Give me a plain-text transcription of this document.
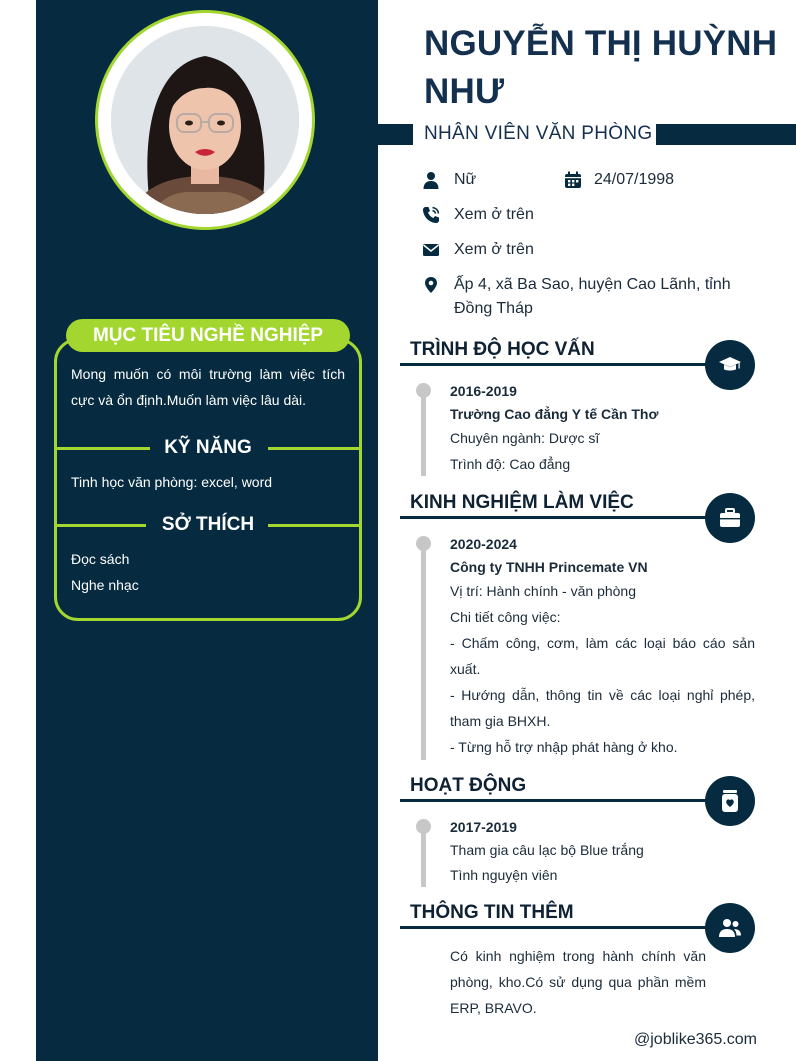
MỤC TIÊU NGHỀ NGHIỆP
Mong muốn có môi trường làm việc tích cực và ổn định.Muốn làm việc lâu dài.
KỸ NĂNG
Tinh học văn phòng: excel, word
SỞ THÍCH
Đọc sách
Nghe nhạc
NGUYỄN THỊ HUỲNH NHƯ
NHÂN VIÊN VĂN PHÒNG
Nữ	24/07/1998
Xem ở trên
Xem ở trên
Ấp 4, xã Ba Sao, huyện Cao Lãnh, tỉnh Đồng Tháp
TRÌNH ĐỘ HỌC VẤN
2016-2019
Trường Cao đẳng Y tế Cần Thơ
Chuyên ngành: Dược sĩ
Trình độ: Cao đẳng
KINH NGHIỆM LÀM VIỆC
2020-2024
Công ty TNHH Princemate VN
Vị trí: Hành chính - văn phòng
Chi tiết công việc:
- Chấm công, cơm, làm các loại báo cáo sản xuất.
- Hướng dẫn, thông tin về các loại nghỉ phép, tham gia BHXH.
- Từng hỗ trợ nhập phát hàng ở kho.
HOẠT ĐỘNG
2017-2019
Tham gia câu lạc bộ Blue trắng
Tình nguyện viên
THÔNG TIN THÊM
Có kinh nghiệm trong hành chính văn phòng, kho.Có sử dụng qua phần mềm ERP, BRAVO.
@joblike365.com
